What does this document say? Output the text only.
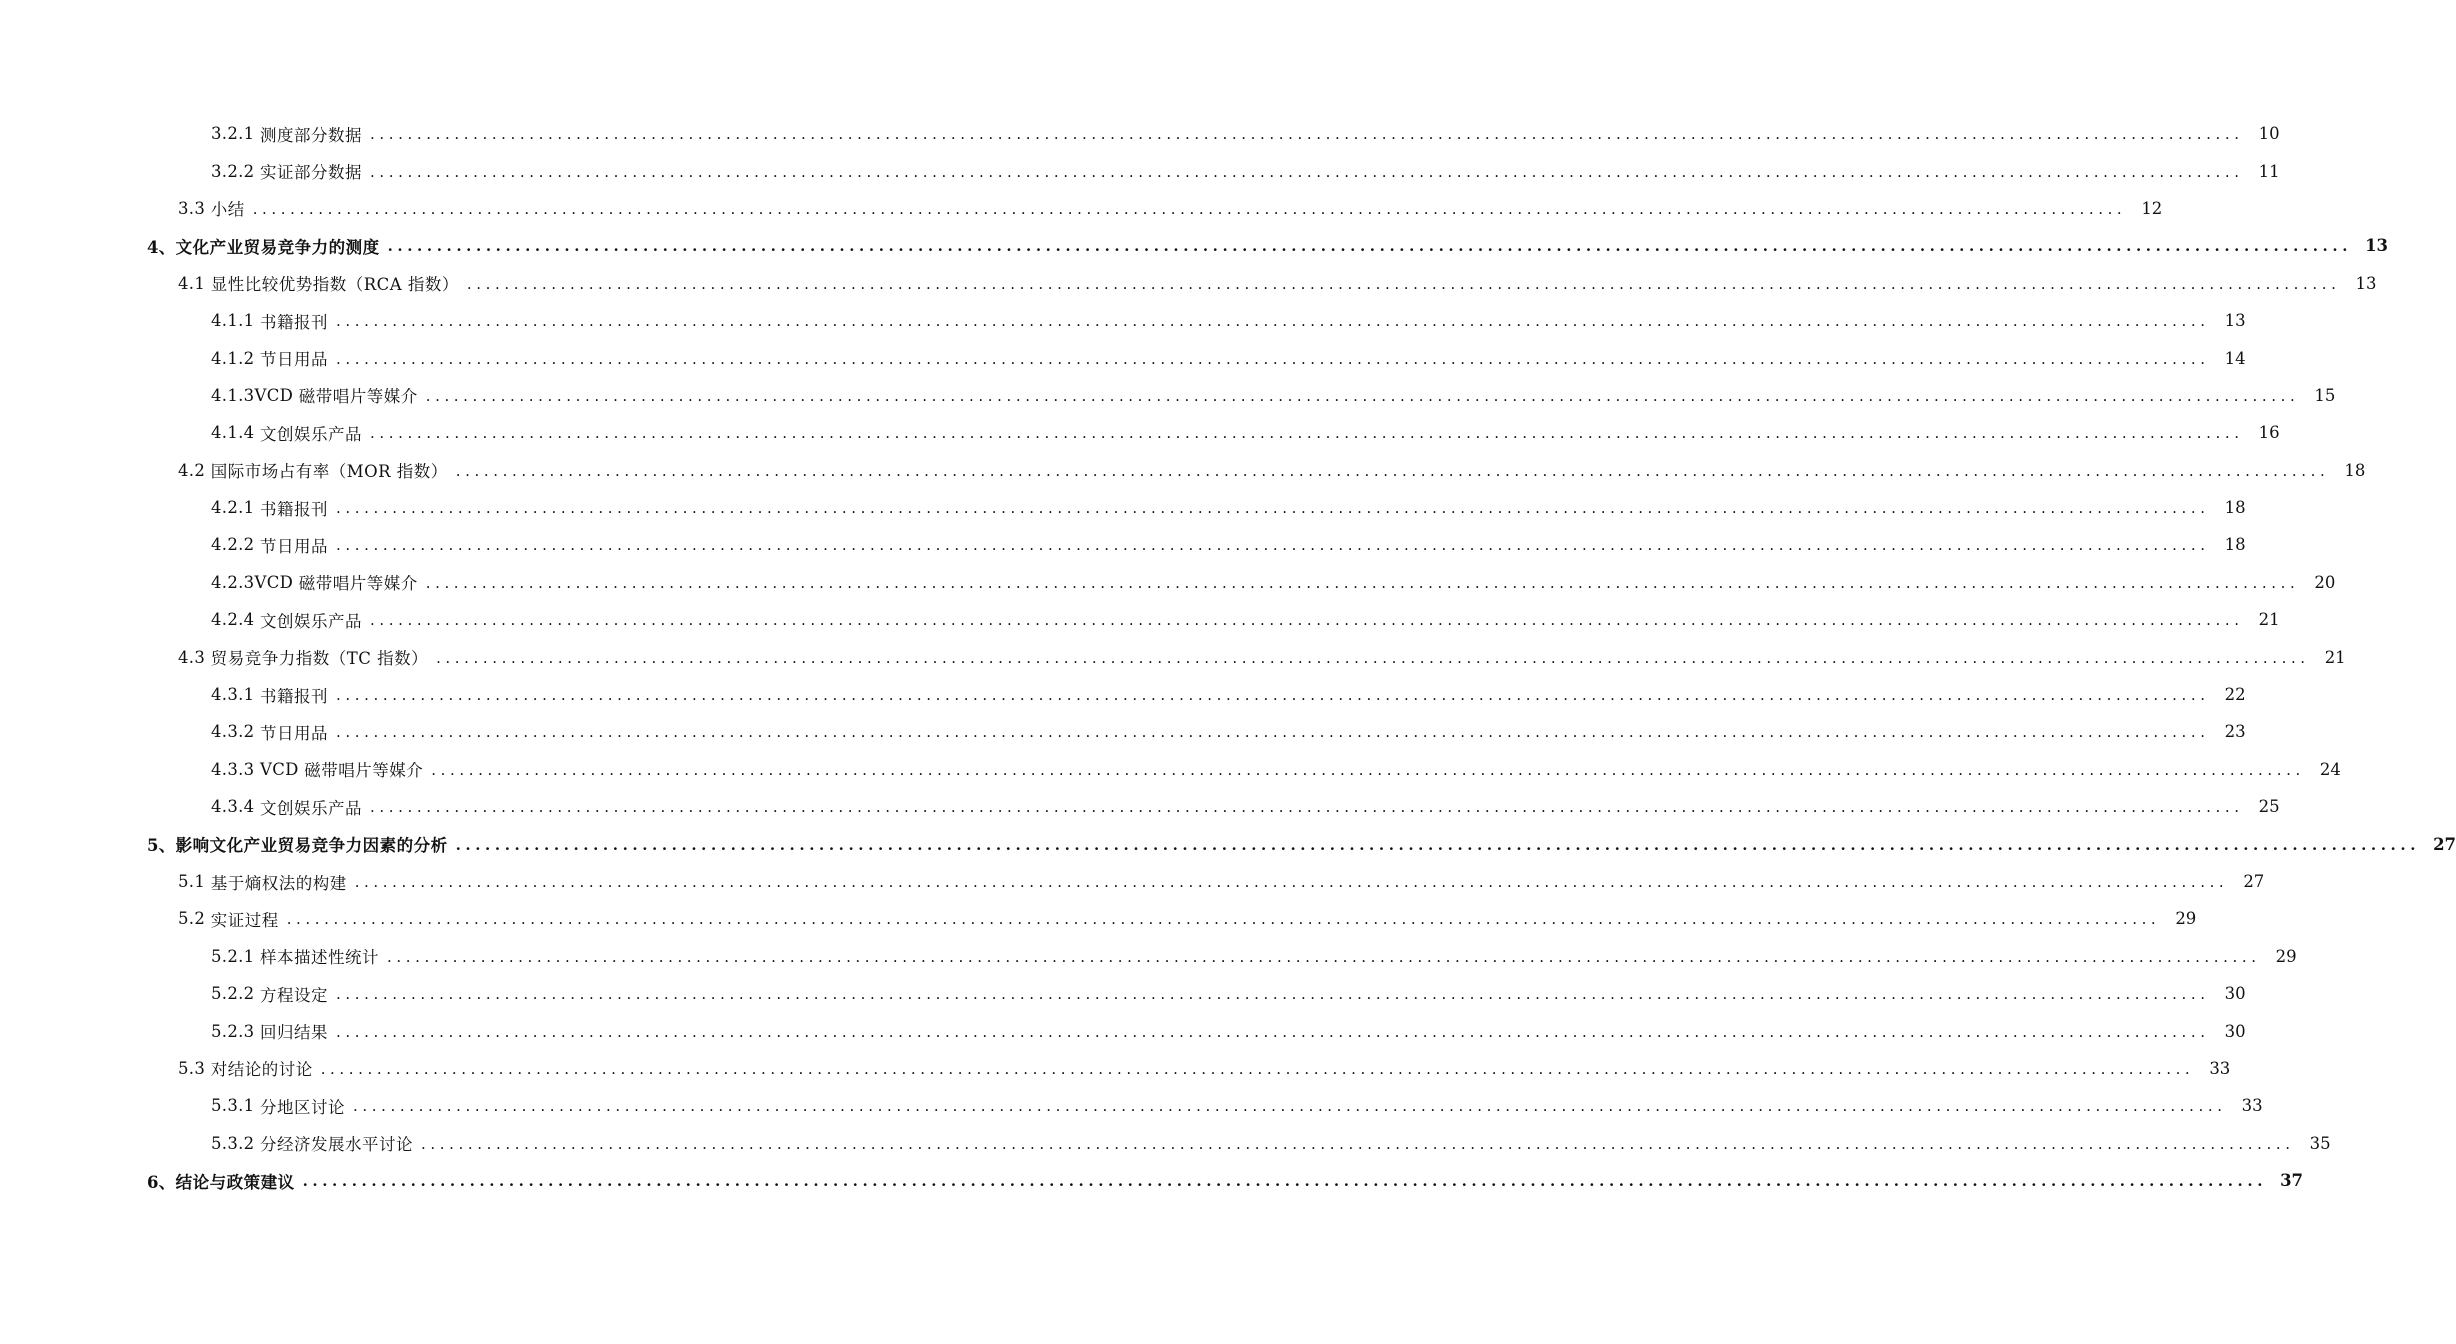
3.2.1 测度部分数据 ........................................................................................................................................................................................................ 10
3.2.2 实证部分数据 ........................................................................................................................................................................................................ 11
3.3 小结 ........................................................................................................................................................................................................ 12
4、 文化产业贸易竞争力的测度 ........................................................................................................................................................................................................ 13
4.1 显性比较优势指数（RCA 指数） ........................................................................................................................................................................................................ 13
4.1.1 书籍报刊 ........................................................................................................................................................................................................ 13
4.1.2 节日用品 ........................................................................................................................................................................................................ 14
4.1.3VCD 磁带唱片等媒介 ........................................................................................................................................................................................................ 15
4.1.4 文创娱乐产品 ........................................................................................................................................................................................................ 16
4.2 国际市场占有率（MOR 指数） ........................................................................................................................................................................................................ 18
4.2.1 书籍报刊 ........................................................................................................................................................................................................ 18
4.2.2 节日用品 ........................................................................................................................................................................................................ 18
4.2.3VCD 磁带唱片等媒介 ........................................................................................................................................................................................................ 20
4.2.4 文创娱乐产品 ........................................................................................................................................................................................................ 21
4.3 贸易竞争力指数（TC 指数） ........................................................................................................................................................................................................ 21
4.3.1 书籍报刊 ........................................................................................................................................................................................................ 22
4.3.2 节日用品 ........................................................................................................................................................................................................ 23
4.3.3 VCD 磁带唱片等媒介 ........................................................................................................................................................................................................ 24
4.3.4 文创娱乐产品 ........................................................................................................................................................................................................ 25
5、 影响文化产业贸易竞争力因素的分析 ........................................................................................................................................................................................................ 27
5.1 基于熵权法的构建 ........................................................................................................................................................................................................ 27
5.2 实证过程 ........................................................................................................................................................................................................ 29
5.2.1 样本描述性统计 ........................................................................................................................................................................................................ 29
5.2.2 方程设定 ........................................................................................................................................................................................................ 30
5.2.3 回归结果 ........................................................................................................................................................................................................ 30
5.3 对结论的讨论 ........................................................................................................................................................................................................ 33
5.3.1 分地区讨论 ........................................................................................................................................................................................................ 33
5.3.2 分经济发展水平讨论 ........................................................................................................................................................................................................ 35
6、 结论与政策建议 ........................................................................................................................................................................................................ 37
